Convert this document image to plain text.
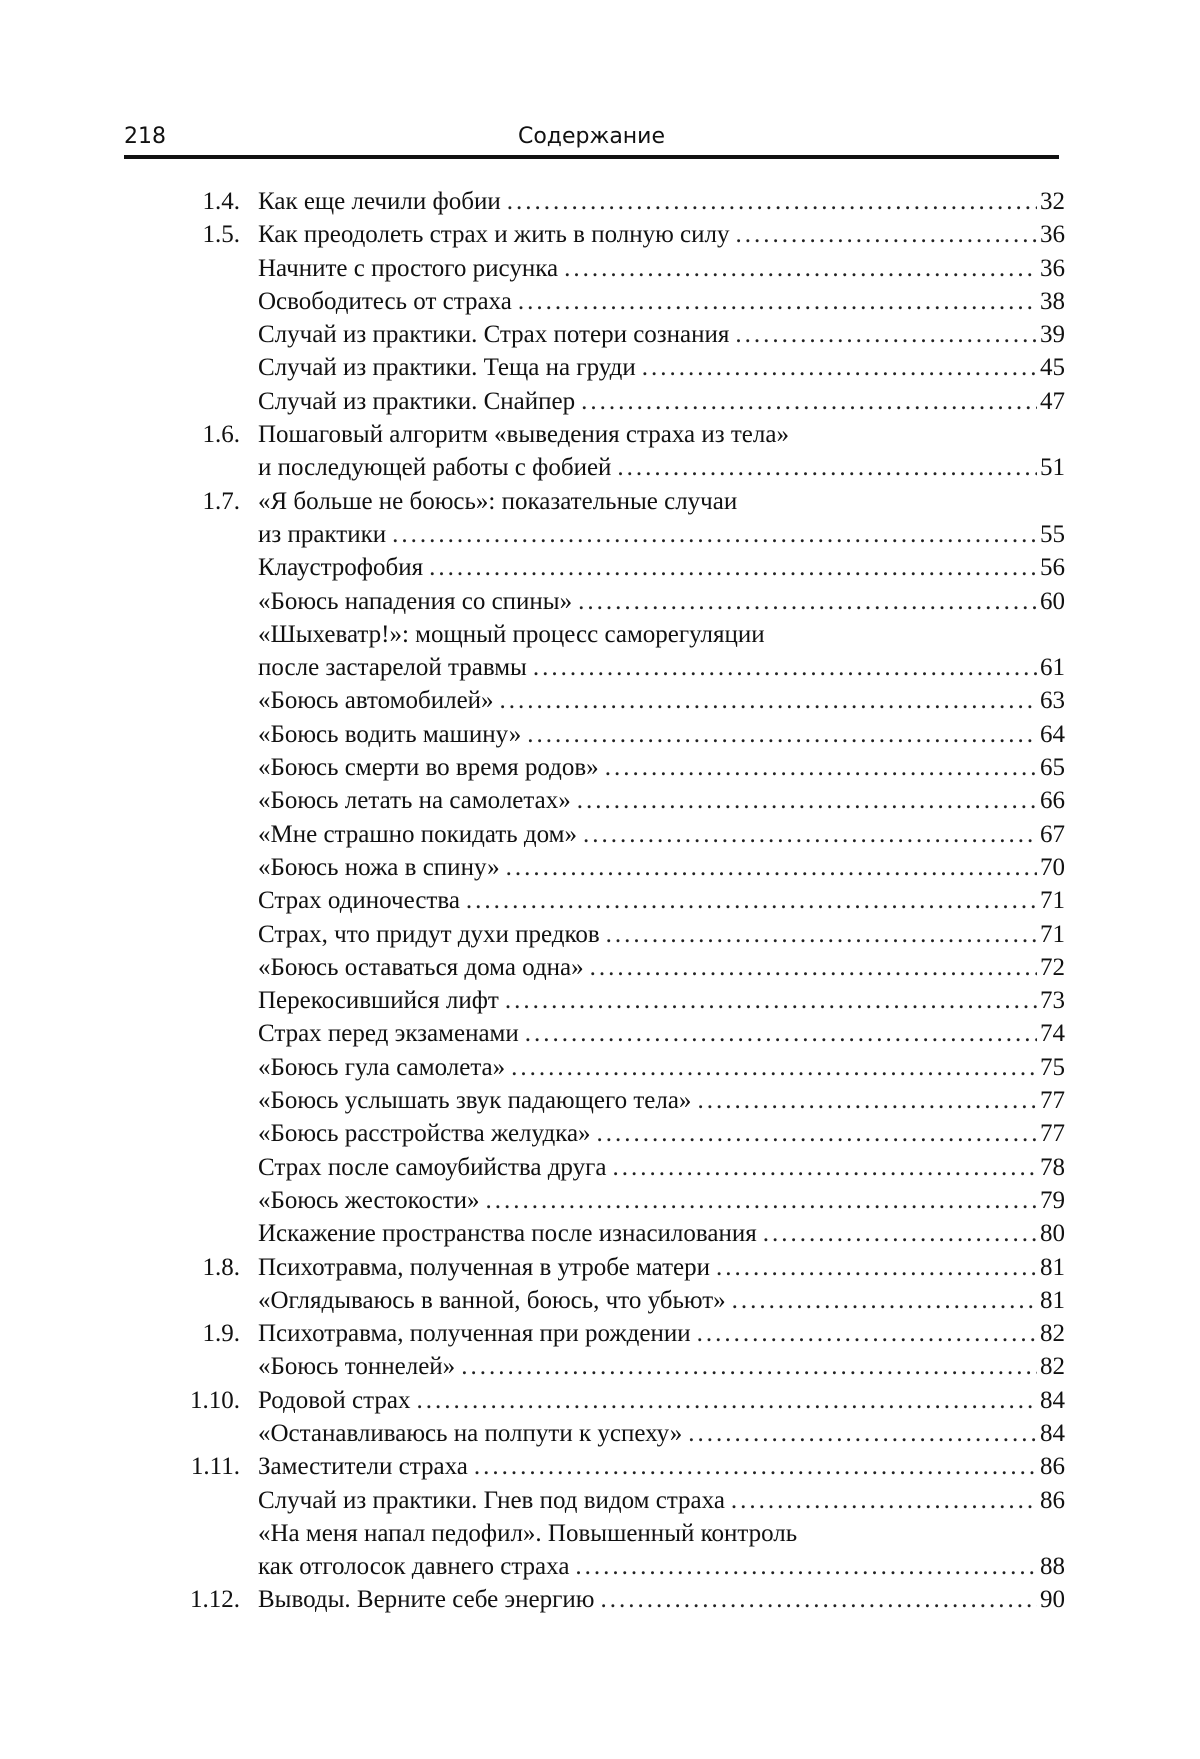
218	Содержание
1.4. Как еще лечили фобии .....	32
1.5. Как преодолеть страх и жить в полную силу .....	36
Начните с простого рисунка .....	36
Освободитесь от страха .....	38
Случай из практики. Страх потери сознания .....	39
Случай из практики. Теща на груди .....	45
Случай из практики. Снайпер .....	47
1.6. Пошаговый алгоритм «выведения страха из тела»
и последующей работы с фобией .....	51
1.7. «Я больше не боюсь»: показательные случаи
из практики .....	55
Клаустрофобия .....	56
«Боюсь нападения со спины» .....	60
«Шыхеватр!»: мощный процесс саморегуляции
после застарелой травмы .....	61
«Боюсь автомобилей» .....	63
«Боюсь водить машину» .....	64
«Боюсь смерти во время родов» .....	65
«Боюсь летать на самолетах» .....	66
«Мне страшно покидать дом» .....	67
«Боюсь ножа в спину» .....	70
Страх одиночества .....	71
Страх, что придут духи предков .....	71
«Боюсь оставаться дома одна» .....	72
Перекосившийся лифт .....	73
Страх перед экзаменами .....	74
«Боюсь гула самолета» .....	75
«Боюсь услышать звук падающего тела» .....	77
«Боюсь расстройства желудка» .....	77
Страх после самоубийства друга .....	78
«Боюсь жестокости» .....	79
Искажение пространства после изнасилования .....	80
1.8. Психотравма, полученная в утробе матери .....	81
«Оглядываюсь в ванной, боюсь, что убьют» .....	81
1.9. Психотравма, полученная при рождении .....	82
«Боюсь тоннелей» .....	82
1.10. Родовой страх .....	84
«Останавливаюсь на полпути к успеху» .....	84
1.11. Заместители страха .....	86
Случай из практики. Гнев под видом страха .....	86
«На меня напал педофил». Повышенный контроль
как отголосок давнего страха .....	88
1.12. Выводы. Верните себе энергию .....	90
